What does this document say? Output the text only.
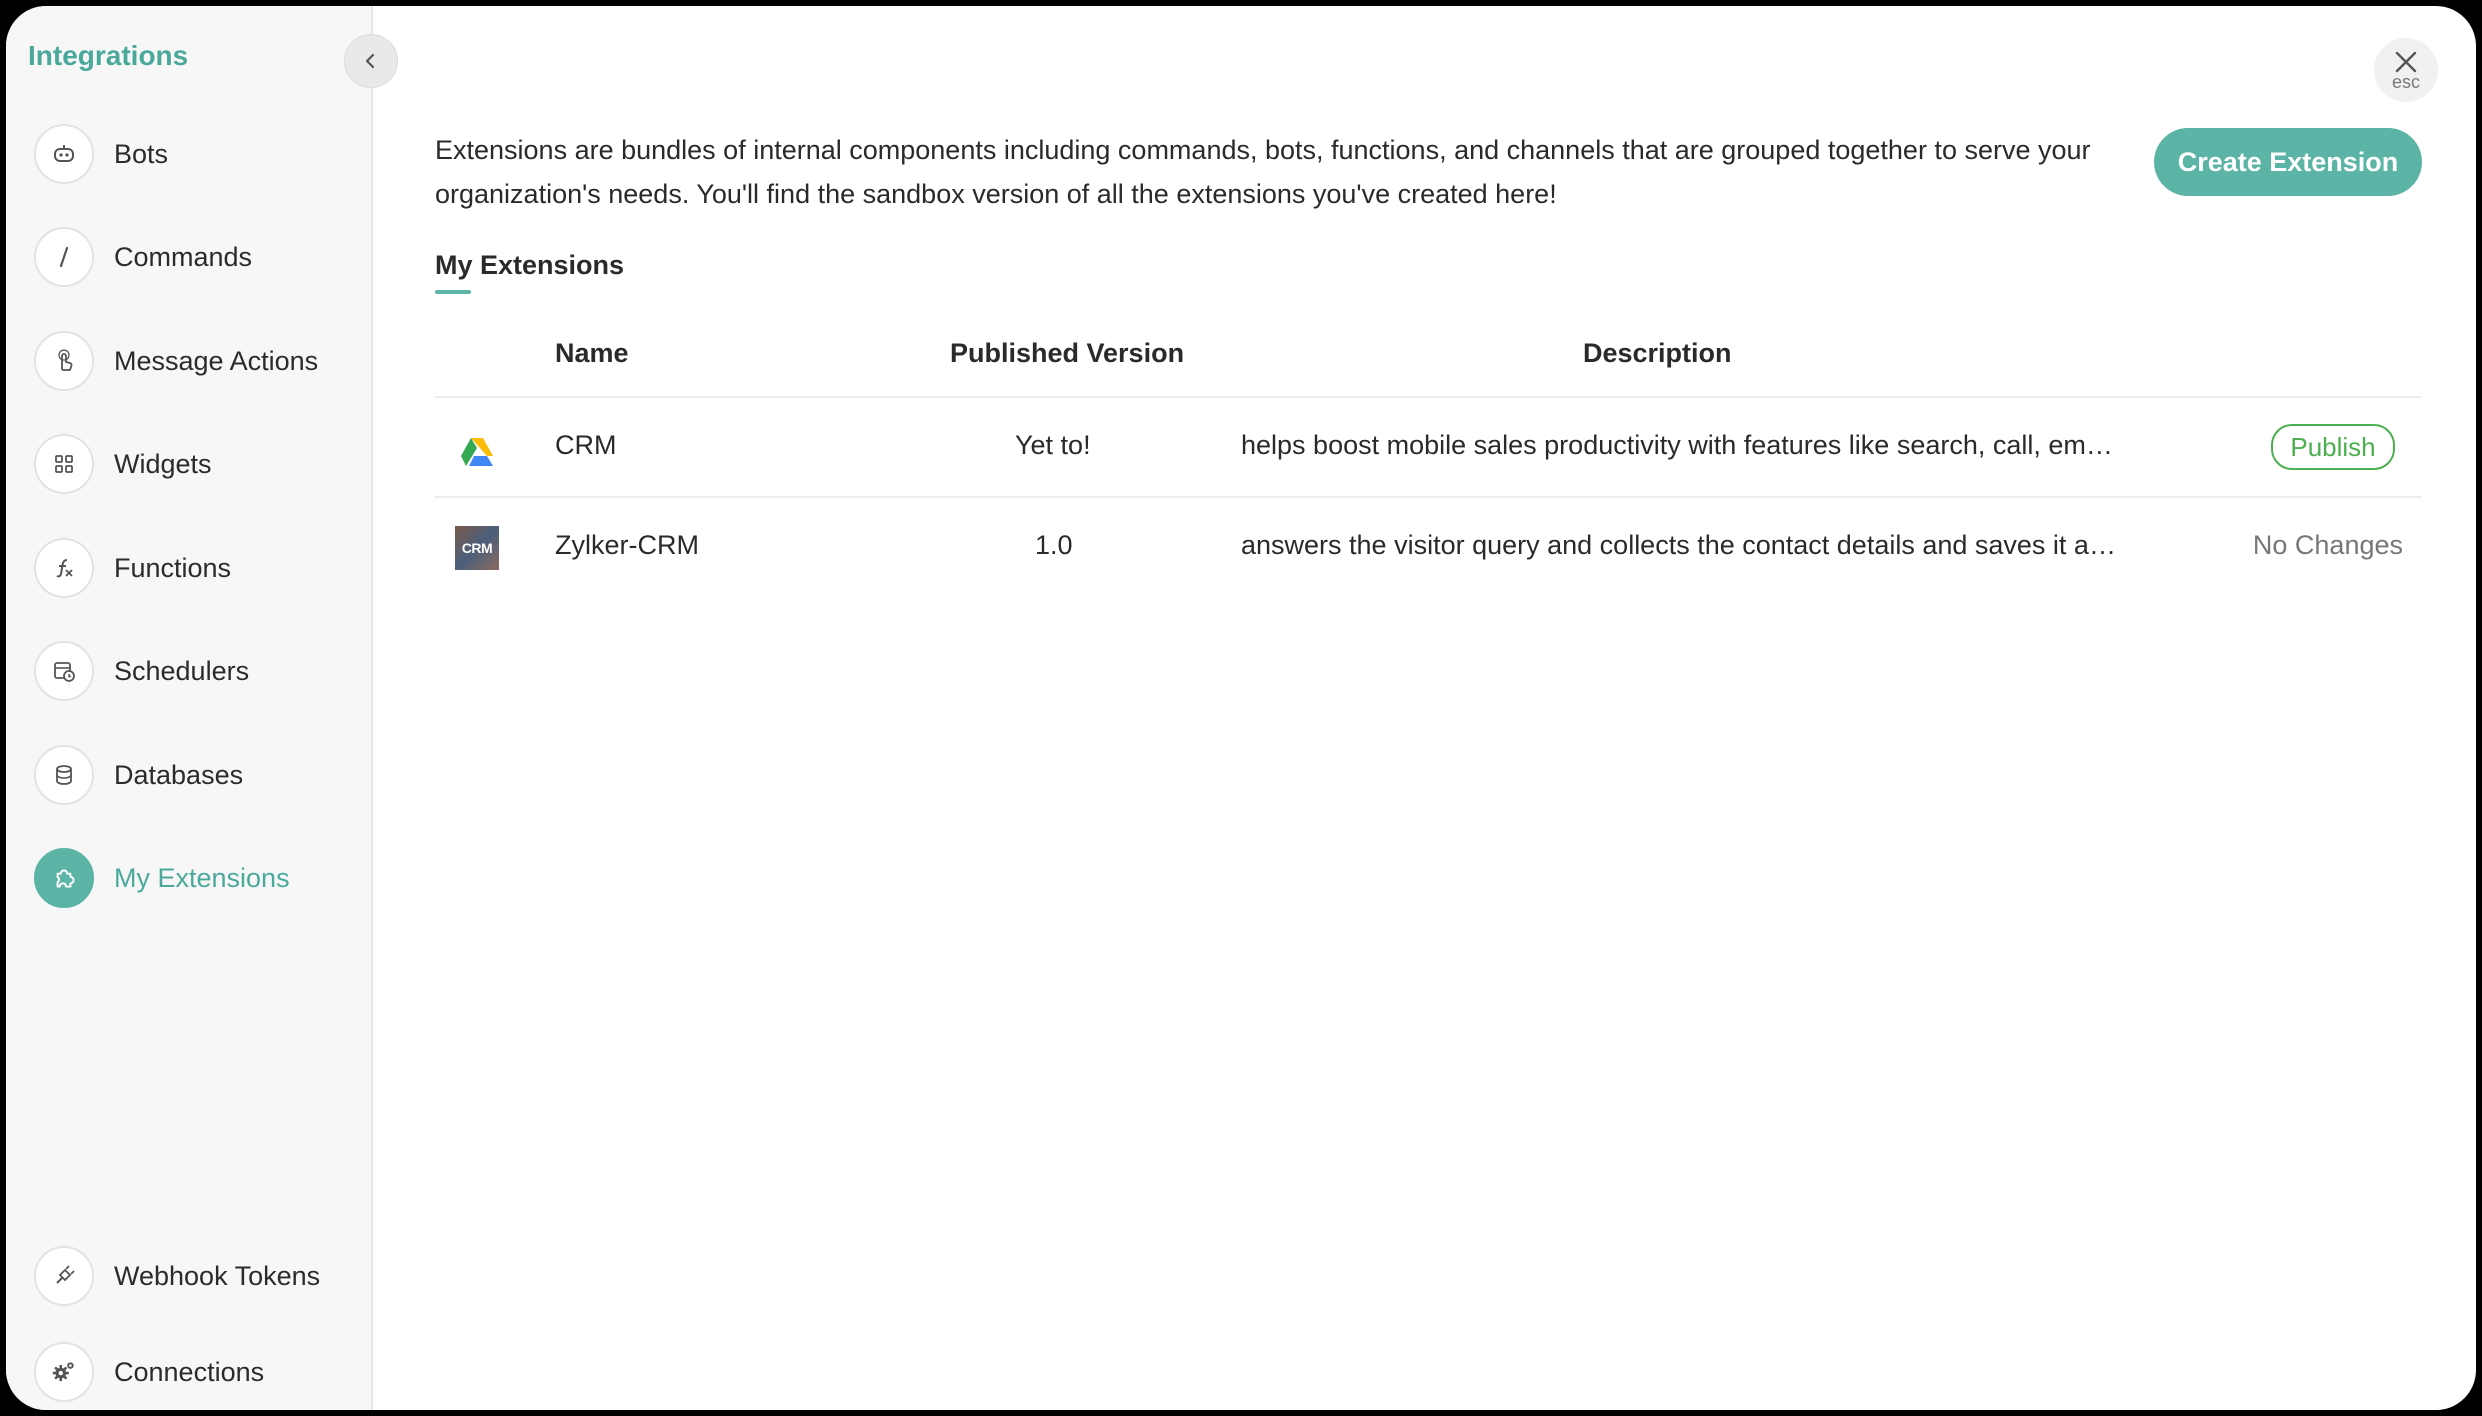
Integrations
Bots
Commands
Message Actions
Widgets
Functions
Schedulers
Databases
My Extensions
Webhook Tokens
Connections
esc
Extensions are bundles of internal components including commands, bots, functions, and channels that are grouped together to serve your organization's needs. You'll find the sandbox version of all the extensions you've created here!
Create Extension
My Extensions
Name	Published Version	Description
CRM	Yet to!	helps boost mobile sales productivity with features like search, call, em…	Publish
CRM Zylker-CRM	1.0	answers the visitor query and collects the contact details and saves it a…	No Changes
